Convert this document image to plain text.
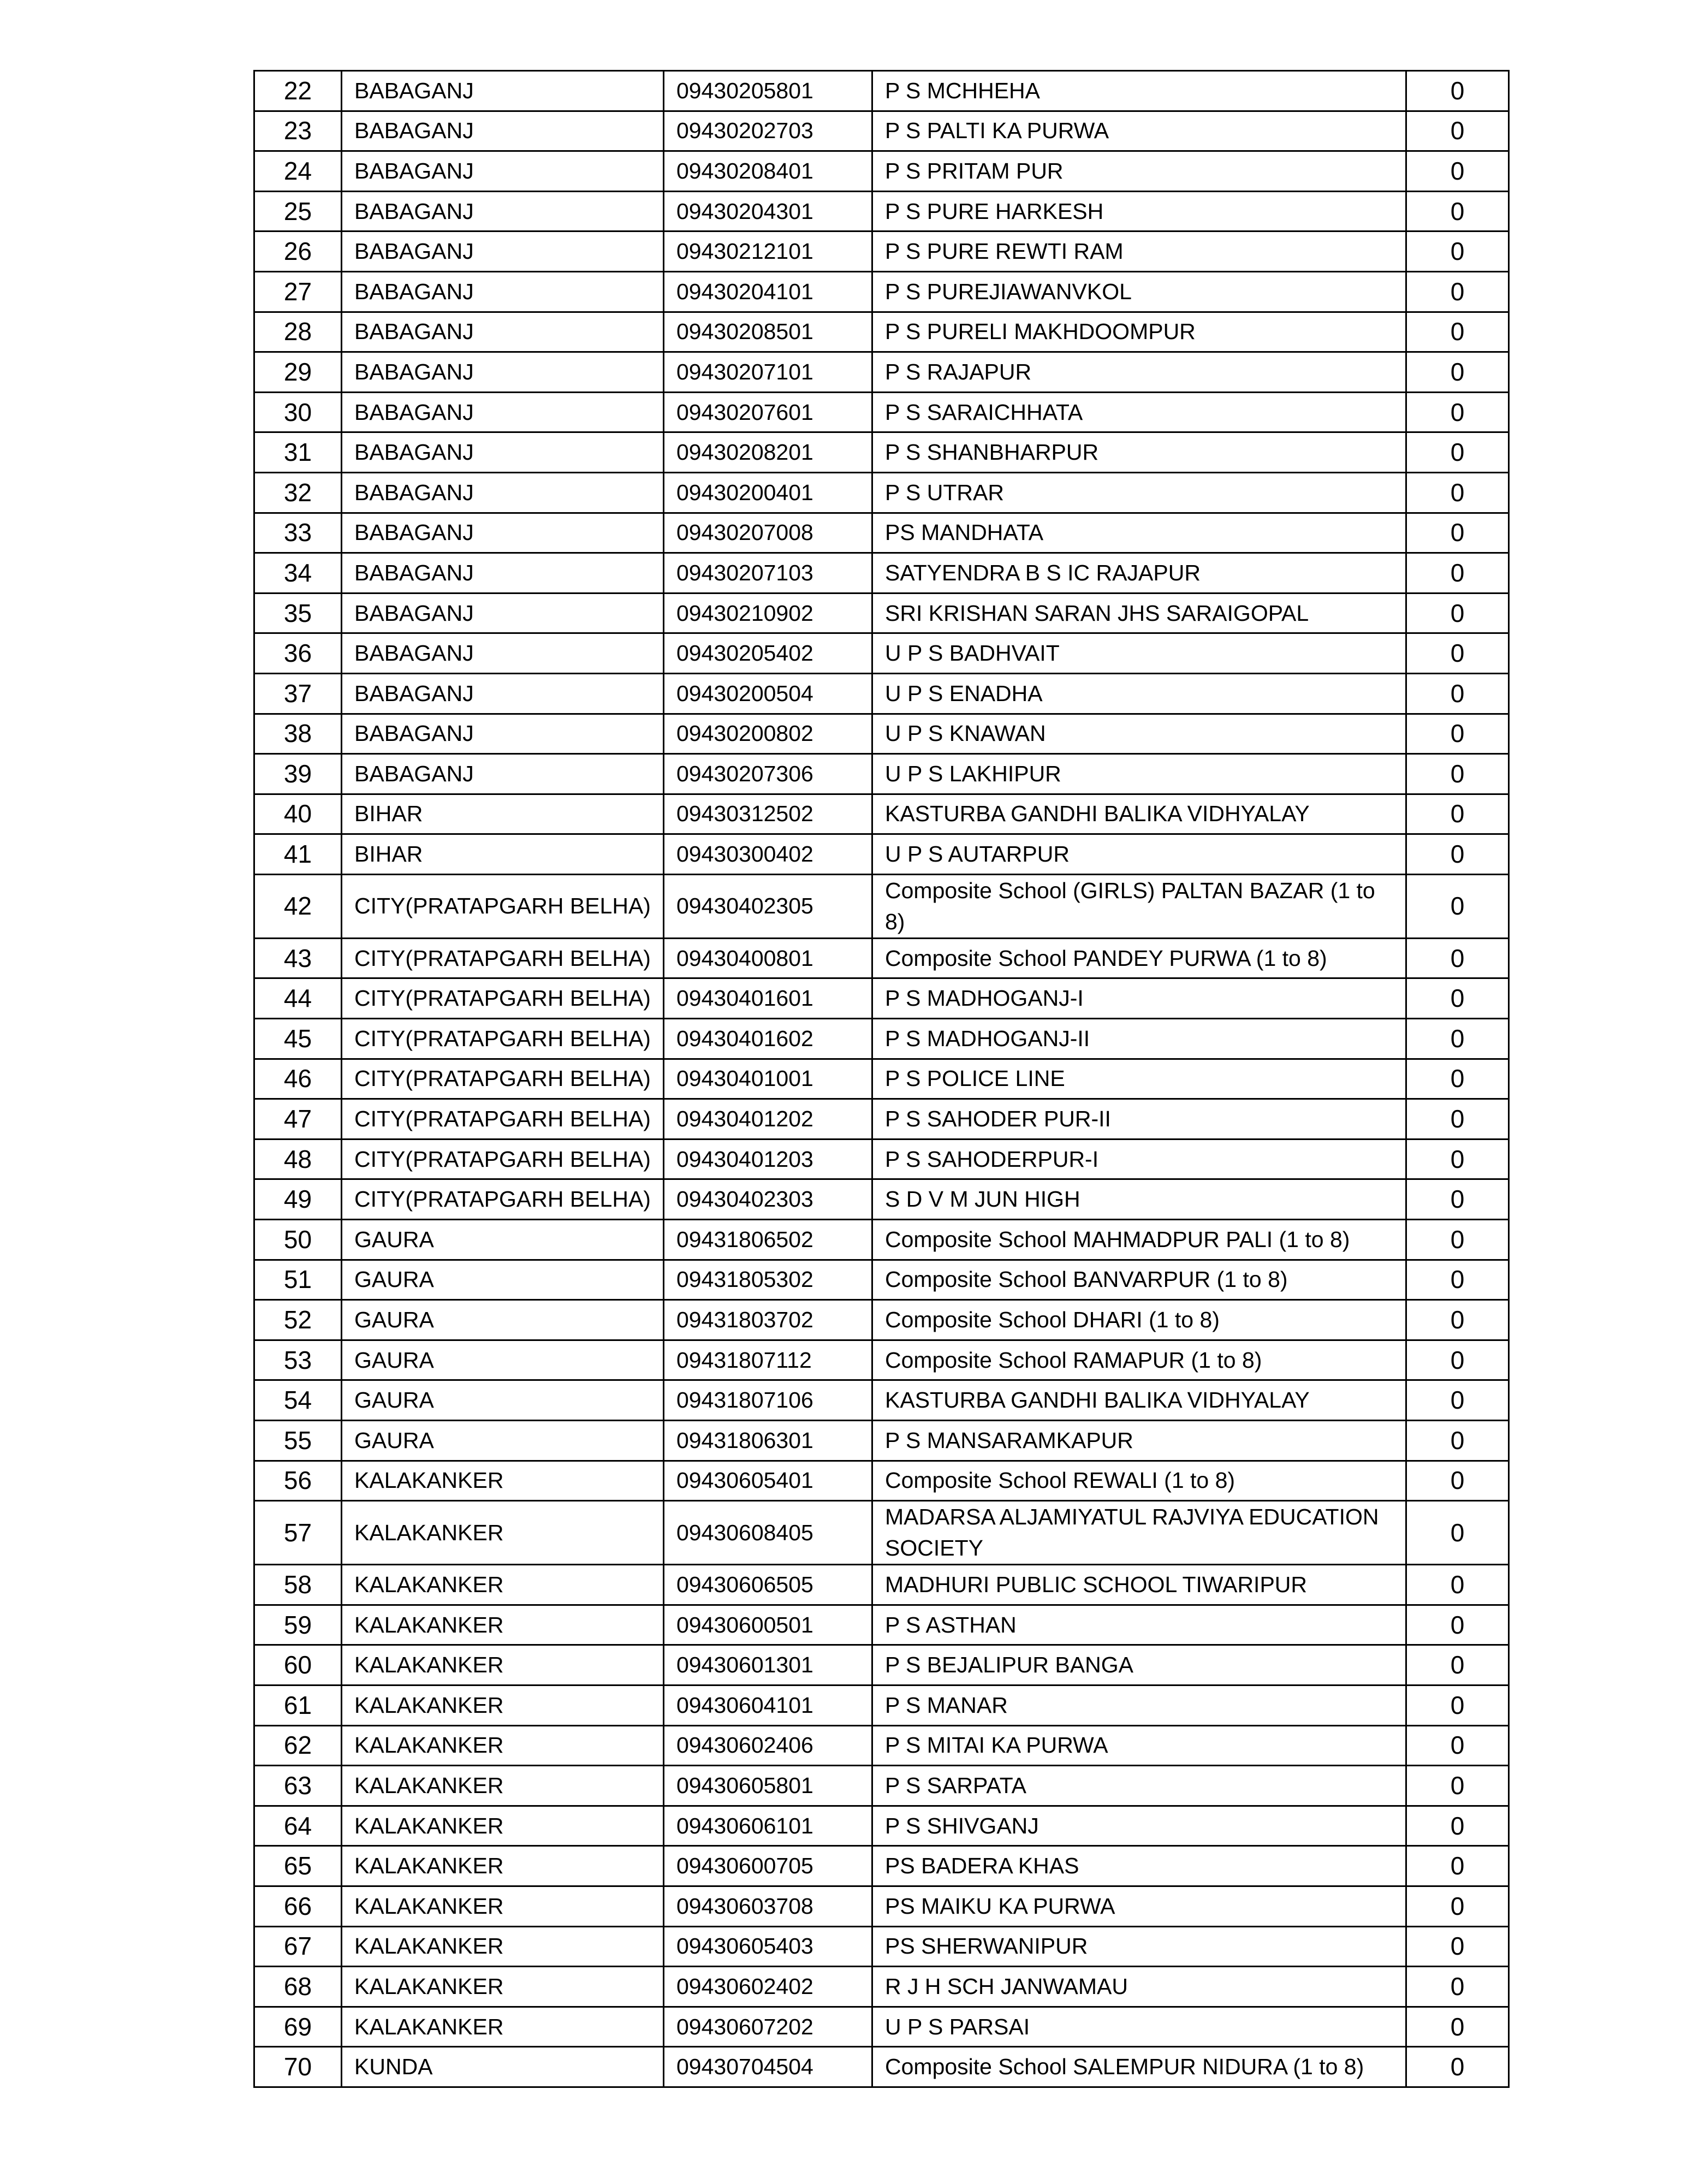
22	BABAGANJ	09430205801	P S MCHHEHA	0
23	BABAGANJ	09430202703	P S PALTI KA PURWA	0
24	BABAGANJ	09430208401	P S PRITAM PUR	0
25	BABAGANJ	09430204301	P S PURE HARKESH	0
26	BABAGANJ	09430212101	P S PURE REWTI RAM	0
27	BABAGANJ	09430204101	P S PUREJIAWANVKOL	0
28	BABAGANJ	09430208501	P S PURELI MAKHDOOMPUR	0
29	BABAGANJ	09430207101	P S RAJAPUR	0
30	BABAGANJ	09430207601	P S SARAICHHATA	0
31	BABAGANJ	09430208201	P S SHANBHARPUR	0
32	BABAGANJ	09430200401	P S UTRAR	0
33	BABAGANJ	09430207008	PS MANDHATA	0
34	BABAGANJ	09430207103	SATYENDRA B S IC RAJAPUR	0
35	BABAGANJ	09430210902	SRI KRISHAN SARAN JHS SARAIGOPAL	0
36	BABAGANJ	09430205402	U P S BADHVAIT	0
37	BABAGANJ	09430200504	U P S ENADHA	0
38	BABAGANJ	09430200802	U P S KNAWAN	0
39	BABAGANJ	09430207306	U P S LAKHIPUR	0
40	BIHAR	09430312502	KASTURBA GANDHI BALIKA VIDHYALAY	0
41	BIHAR	09430300402	U P S AUTARPUR	0
42	CITY(PRATAPGARH BELHA)	09430402305	Composite School (GIRLS) PALTAN BAZAR (1 to 8)	0
43	CITY(PRATAPGARH BELHA)	09430400801	Composite School PANDEY PURWA (1 to 8)	0
44	CITY(PRATAPGARH BELHA)	09430401601	P S MADHOGANJ-I	0
45	CITY(PRATAPGARH BELHA)	09430401602	P S MADHOGANJ-II	0
46	CITY(PRATAPGARH BELHA)	09430401001	P S POLICE LINE	0
47	CITY(PRATAPGARH BELHA)	09430401202	P S SAHODER PUR-II	0
48	CITY(PRATAPGARH BELHA)	09430401203	P S SAHODERPUR-I	0
49	CITY(PRATAPGARH BELHA)	09430402303	S D V M JUN HIGH	0
50	GAURA	09431806502	Composite School MAHMADPUR PALI (1 to 8)	0
51	GAURA	09431805302	Composite School BANVARPUR (1 to 8)	0
52	GAURA	09431803702	Composite School DHARI (1 to 8)	0
53	GAURA	09431807112	Composite School RAMAPUR (1 to 8)	0
54	GAURA	09431807106	KASTURBA GANDHI BALIKA VIDHYALAY	0
55	GAURA	09431806301	P S MANSARAMKAPUR	0
56	KALAKANKER	09430605401	Composite School REWALI (1 to 8)	0
57	KALAKANKER	09430608405	MADARSA ALJAMIYATUL RAJVIYA EDUCATION SOCIETY	0
58	KALAKANKER	09430606505	MADHURI PUBLIC SCHOOL TIWARIPUR	0
59	KALAKANKER	09430600501	P S ASTHAN	0
60	KALAKANKER	09430601301	P S BEJALIPUR BANGA	0
61	KALAKANKER	09430604101	P S MANAR	0
62	KALAKANKER	09430602406	P S MITAI KA PURWA	0
63	KALAKANKER	09430605801	P S SARPATA	0
64	KALAKANKER	09430606101	P S SHIVGANJ	0
65	KALAKANKER	09430600705	PS BADERA KHAS	0
66	KALAKANKER	09430603708	PS MAIKU KA PURWA	0
67	KALAKANKER	09430605403	PS SHERWANIPUR	0
68	KALAKANKER	09430602402	R J H SCH JANWAMAU	0
69	KALAKANKER	09430607202	U P S PARSAI	0
70	KUNDA	09430704504	Composite School SALEMPUR NIDURA (1 to 8)	0
